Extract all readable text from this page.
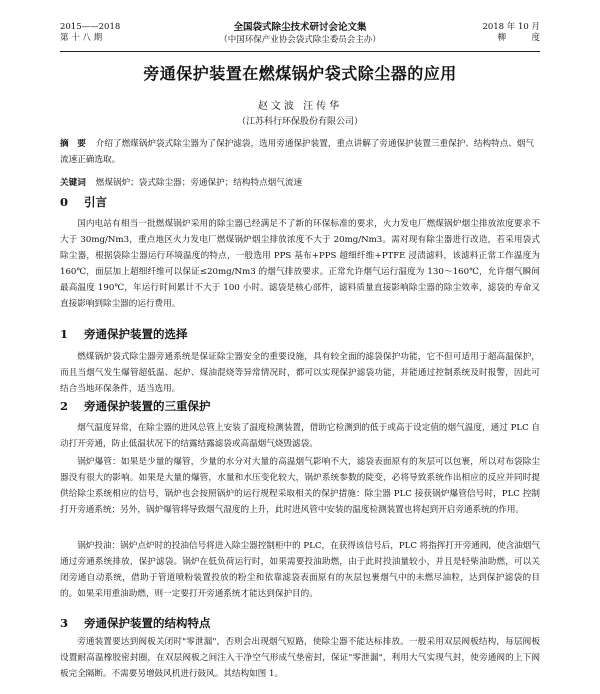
2015——2018
第 十 八 期
全国袋式除尘技术研讨会论文集
（中国环保产业协会袋式除尘委员会主办）
2018 年 10 月
柳　　　度
旁通保护装置在燃煤锅炉袋式除尘器的应用
赵文波 汪传华
（江苏科行环保股份有限公司）
摘　要 介绍了燃煤锅炉袋式除尘器为了保护滤袋，选用旁通保护装置，重点讲解了旁通保护装置三重保护、结构特点、烟气流速正确选取。
关键词 燃煤锅炉；袋式除尘器；旁通保护；结构特点烟气流速
0 引言
国内电站有相当一批燃煤锅炉采用的除尘器已经满足不了新的环保标准的要求，火力发电厂燃煤锅炉烟尘排放浓度要求不大于 30mg/Nm3，重点地区火力发电厂燃煤锅炉烟尘排放浓度不大于 20mg/Nm3。需对现有除尘器进行改造，若采用袋式除尘器，根据袋除尘器运行环境温度的特点，一般选用 PPS 基布+PPS 超细纤维+PTFE 浸渍滤料，该滤料正常工作温度为 160℃，面层加上超细纤维可以保证≤20mg/Nm3 的烟气排放要求。正常允许烟气运行温度为 130～160℃，允许烟气瞬间最高温度 190℃，年运行时间累计不大于 100 小时。滤袋是核心部件，滤料质量直接影响除尘器的除尘效率，滤袋的寿命又直接影响到除尘器的运行费用。
1 旁通保护装置的选择
燃煤锅炉袋式除尘器旁通系统是保证除尘器安全的重要设施，具有较全面的滤袋保护功能，它不但可适用于超高温保护，而且当烟气发生爆管超低温、起炉、煤油混烧等异常情况时，都可以实现保护滤袋功能，并能通过控制系统及时报警，因此可结合当地环保条件，适当选用。
2 旁通保护装置的三重保护
烟气温度异常，在除尘器的进风总管上安装了温度检测装置，借助它检测到的低于或高于设定值的烟气温度，通过 PLC 自动打开旁通，防止低温状况下的结露结露滤袋或高温烟气烧毁滤袋。
锅炉爆管：如果是少量的爆管，少量的水分对大量的高温烟气影响不大，滤袋表面原有的灰层可以包裹，所以对布袋除尘器没有很大的影响。如果是大量的爆管，水量和水压变化较大，锅炉系统参数的陡变，必将导致系统作出相应的反应并同时提供给除尘系统相应的信号，锅炉也会按照锅炉的运行规程采取相关的保护措施：除尘器 PLC 接获锅炉爆管信号时，PLC 控制打开旁通系统；另外，锅炉爆管将导致烟气湿度的上升，此时进风管中安装的温度检测装置也将起到开启旁通系统的作用。
锅炉投油：锅炉点炉时的投油信号将进入除尘器控制柜中的 PLC，在获得该信号后，PLC 将指挥打开旁通阀，使含油烟气通过旁通系统排放，保护滤袋。锅炉在低负荷运行时，如果需要投油助燃，由于此时投油量较小，并且是轻柴油助燃，可以关闭旁通自动系统，借助于管道喷粉装置投放的粉尘和依靠滤袋表面原有的灰层包裹烟气中的未燃尽油粒，达到保护滤袋的目的。如果采用重油助燃，则一定要打开旁通系统才能达到保护目的。
3 旁通保护装置的结构特点
旁通装置要达到阀板关闭时"零泄漏"，否则会出现烟气短路，使除尘器不能达标排放。一般采用双层阀板结构，每层阀板设置耐高温橡胶密封圈，在双层阀板之间注入干净空气形成气垫密封，保证"零泄漏"，利用大气实现气封，使旁通阀的上下阀板完全隔断。不需要另增鼓风机进行鼓风。其结构如图 1。
